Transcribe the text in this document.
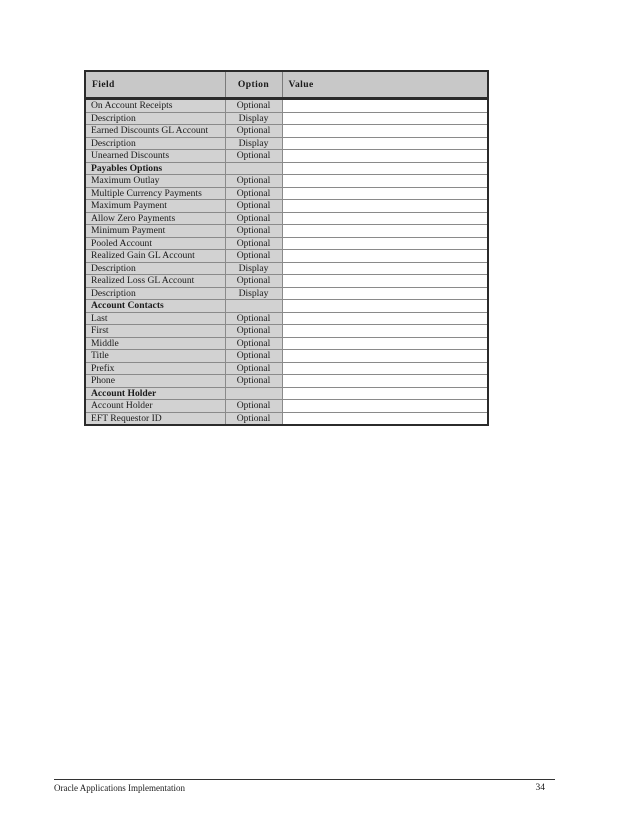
Field	Option	Value
On Account Receipts	Optional	
Description	Display	
Earned Discounts GL Account	Optional	
Description	Display	
Unearned Discounts	Optional	
Payables Options		
Maximum Outlay	Optional	
Multiple Currency Payments	Optional	
Maximum Payment	Optional	
Allow Zero Payments	Optional	
Minimum Payment	Optional	
Pooled Account	Optional	
Realized Gain GL Account	Optional	
Description	Display	
Realized Loss GL Account	Optional	
Description	Display	
Account Contacts		
Last	Optional	
First	Optional	
Middle	Optional	
Title	Optional	
Prefix	Optional	
Phone	Optional	
Account Holder		
Account Holder	Optional	
EFT Requestor ID	Optional	
Oracle Applications Implementation	34
